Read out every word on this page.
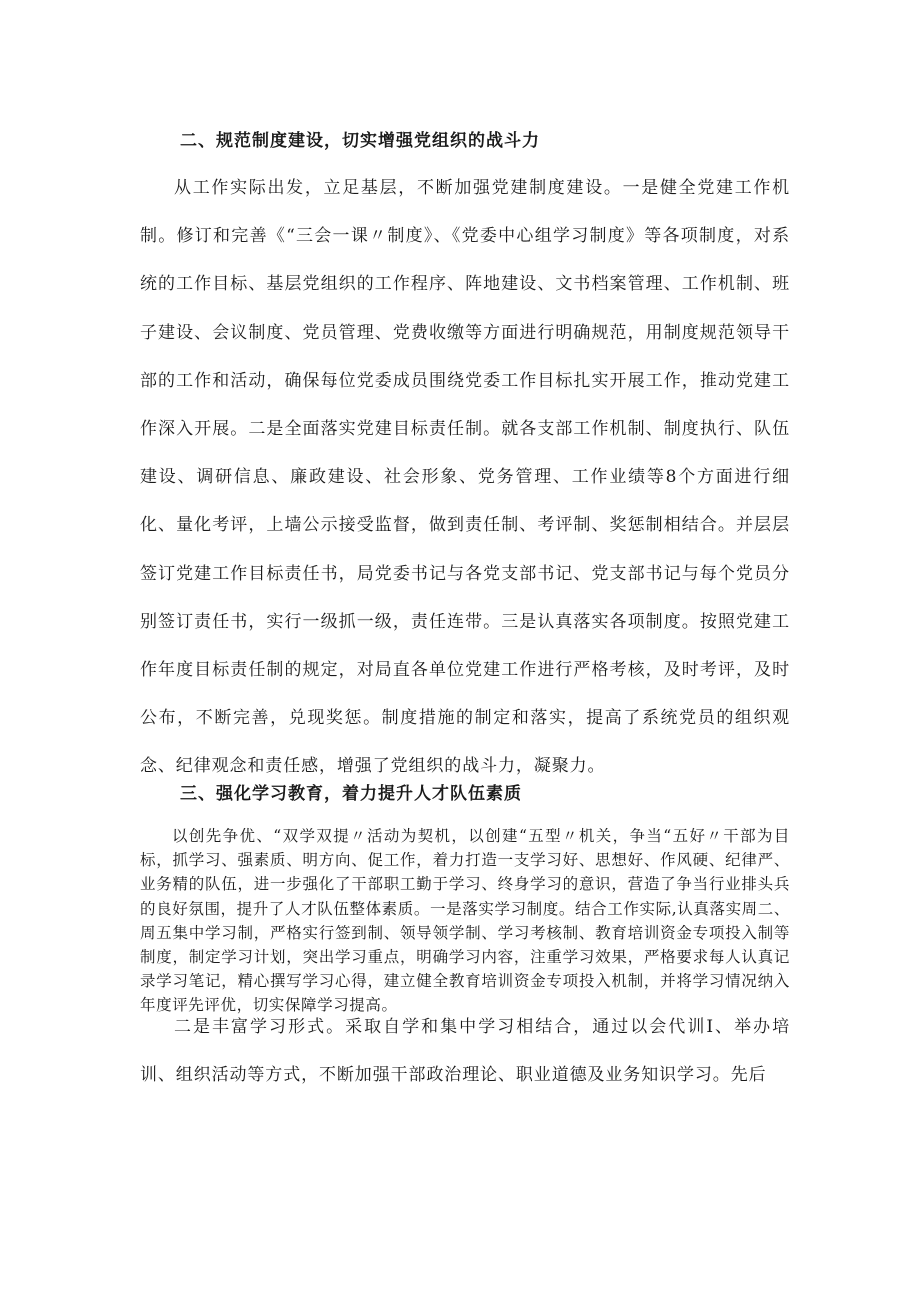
二、规范制度建设，切实增强党组织的战斗力

从工作实际出发，立足基层，不断加强党建制度建设。一是健全党建工作机制。修订和完善《“三会一课〃制度》、《党委中心组学习制度》等各项制度，对系统的工作目标、基层党组织的工作程序、阵地建设、文书档案管理、工作机制、班子建设、会议制度、党员管理、党费收缴等方面进行明确规范，用制度规范领导干部的工作和活动，确保每位党委成员围绕党委工作目标扎实开展工作，推动党建工作深入开展。二是全面落实党建目标责任制。就各支部工作机制、制度执行、队伍建设、调研信息、廉政建设、社会形象、党务管理、工作业绩等8个方面进行细化、量化考评，上墙公示接受监督，做到责任制、考评制、奖惩制相结合。并层层签订党建工作目标责任书，局党委书记与各党支部书记、党支部书记与每个党员分别签订责任书，实行一级抓一级，责任连带。三是认真落实各项制度。按照党建工作年度目标责任制的规定，对局直各单位党建工作进行严格考核，及时考评，及时公布，不断完善，兑现奖惩。制度措施的制定和落实，提高了系统党员的组织观念、纪律观念和责任感，增强了党组织的战斗力，凝聚力。

三、强化学习教育，着力提升人才队伍素质

以创先争优、“双学双提〃活动为契机，以创建“五型〃机关，争当“五好〃干部为目标，抓学习、强素质、明方向、促工作，着力打造一支学习好、思想好、作风硬、纪律严、业务精的队伍，进一步强化了干部职工勤于学习、终身学习的意识，营造了争当行业排头兵的良好氛围，提升了人才队伍整体素质。一是落实学习制度。结合工作实际,认真落实周二、周五集中学习制，严格实行签到制、领导领学制、学习考核制、教育培训资金专项投入制等制度，制定学习计划，突出学习重点，明确学习内容，注重学习效果，严格要求每人认真记录学习笔记，精心撰写学习心得，建立健全教育培训资金专项投入机制，并将学习情况纳入年度评先评优，切实保障学习提高。

二是丰富学习形式。采取自学和集中学习相结合，通过以会代训I、举办培训、组织活动等方式，不断加强干部政治理论、职业道德及业务知识学习。先后
